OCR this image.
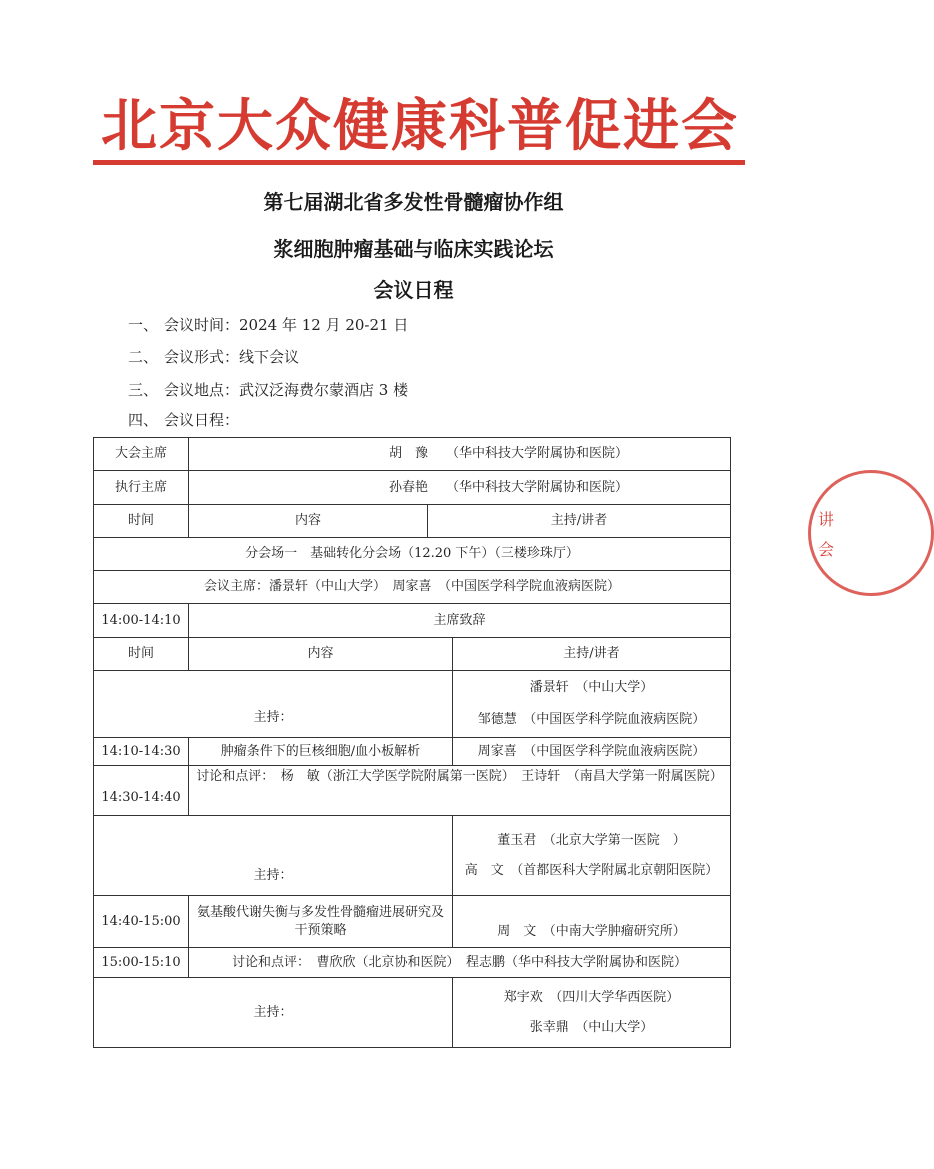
北京大众健康科普促进会
第七届湖北省多发性骨髓瘤协作组
浆细胞肿瘤基础与临床实践论坛
会议日程
一、 会议时间：2024 年 12 月 20-21 日
二、 会议形式：线下会议
三、 会议地点：武汉泛海费尔蒙酒店 3 楼
四、 会议日程：
讲
会
大会主席	胡　豫 （华中科技大学附属协和医院）		

执行主席	孙春艳 （华中科技大学附属协和医院）		

时间	内容	主持/讲者	
分会场一　基础转化分会场（12.20 下午）（三楼珍珠厅）			
会议主席：潘景轩（中山大学）　周家喜　（中国医学科学院血液病医院）			
14:00-14:10	主席致辞		
时间	内容		主持/讲者
主持：			潘景轩　（中山大学）
邹德慧　（中国医学科学院血液病医院）

14:10-14:30	肿瘤条件下的巨核细胞/血小板解析		周家喜　（中国医学科学院血液病医院）
14:30-14:40	讨论和点评：　杨　敏（浙江大学医学院附属第一医院）　王诗轩　（南昌大学第一附属医院）		
主持：			董玉君　（北京大学第一医院　）
高　文　（首都医科大学附属北京朝阳医院）

14:40-15:00	氨基酸代谢失衡与多发性骨髓瘤进展研究及干预策略		周　文　（中南大学肿瘤研究所）
15:00-15:10	讨论和点评：　曹欣欣（北京协和医院）　程志鹏（华中科技大学附属协和医院）		
主持：			郑宇欢　（四川大学华西医院）
张幸鼎　（中山大学）
